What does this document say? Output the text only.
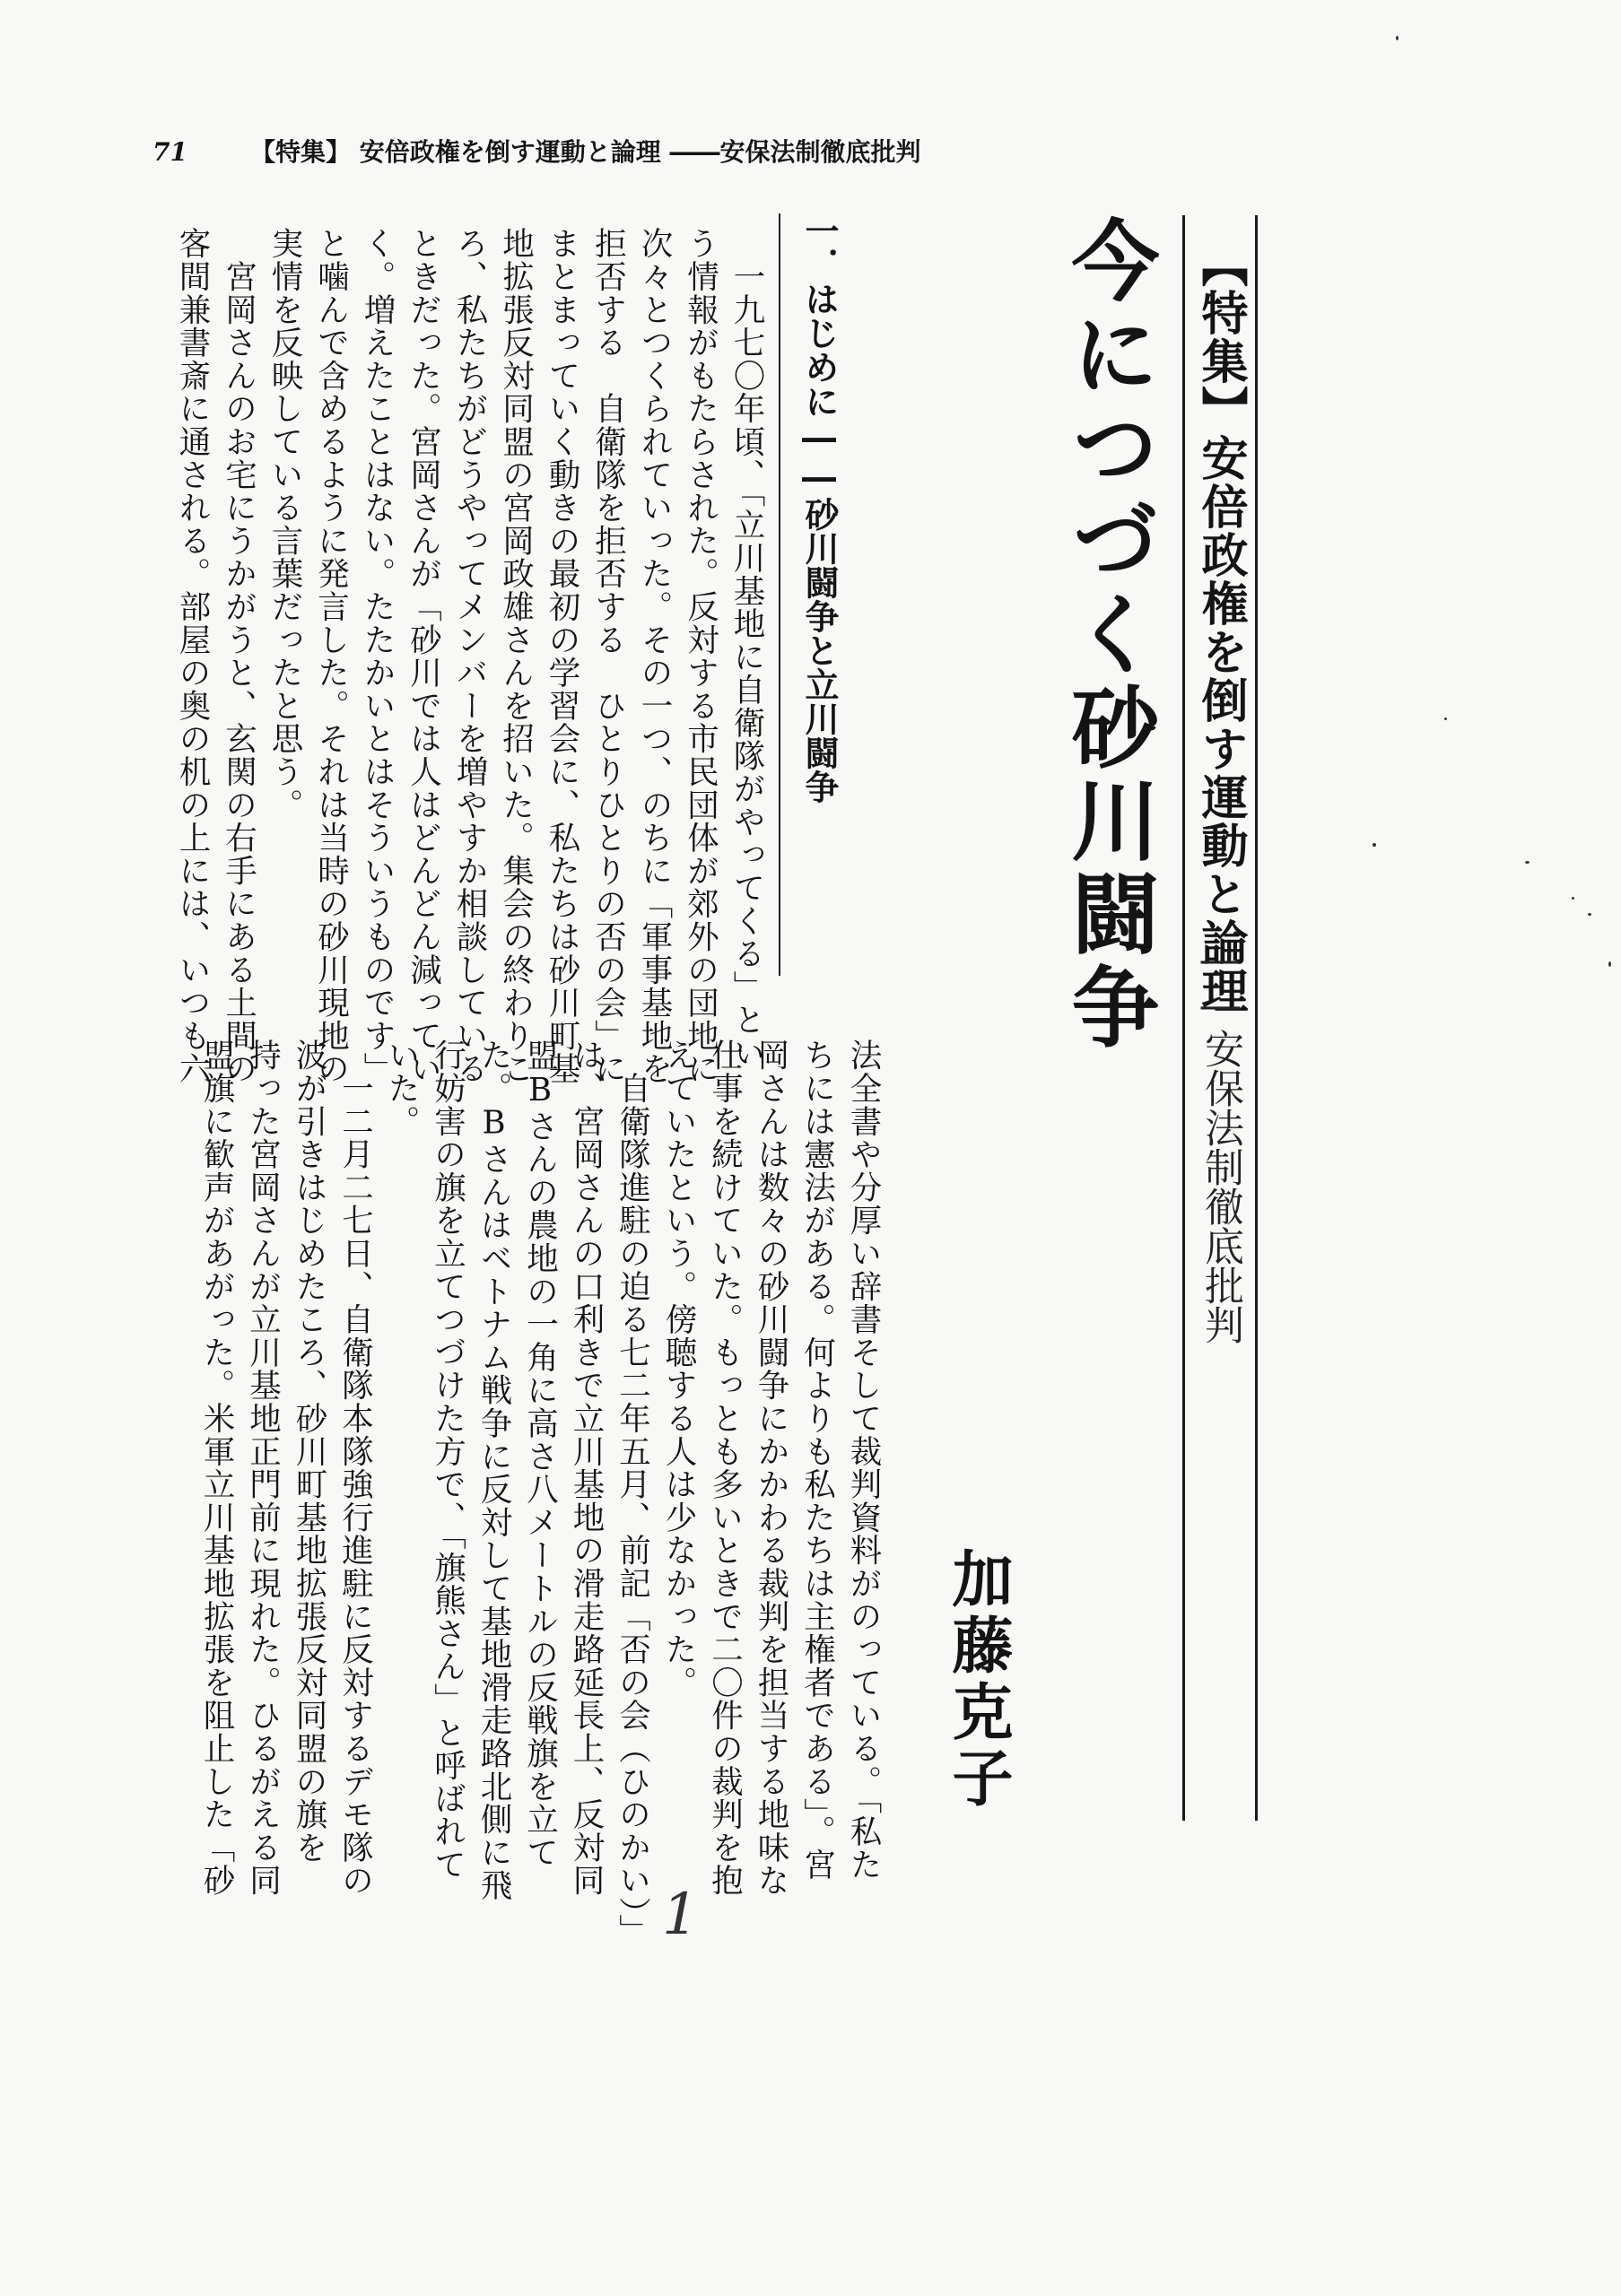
71	【特集】 安倍政権を倒す運動と論理 ――安保法制徹底批判
【特集】安倍政権を倒す運動と論理
――安保法制徹底批判
今につづく砂川闘争
加藤克子
一．はじめに――砂川闘争と立川闘争

　一九七〇年頃、「立川基地に自衛隊がやってくる」とい

う情報がもたらされた。反対する市民団体が郊外の団地に

次々とつくられていった。その一つ、のちに「軍事基地を

拒否する　自衛隊を拒否する　ひとりひとりの否の会」に

まとまっていく動きの最初の学習会に、私たちは砂川町基

地拡張反対同盟の宮岡政雄さんを招いた。集会の終わりこ

ろ、私たちがどうやってメンバーを増やすか相談している

ときだった。宮岡さんが「砂川では人はどんどん減ってい

く。増えたことはない。たたかいとはそういうものです」

と噛んで含めるように発言した。それは当時の砂川現地の

実情を反映している言葉だったと思う。

　宮岡さんのお宅にうかがうと、玄関の右手にある土間の

客間兼書斎に通される。部屋の奥の机の上には、いつも六

法全書や分厚い辞書そして裁判資料がのっている。「私た

ちには憲法がある。何よりも私たちは主権者である」。宮

岡さんは数々の砂川闘争にかかわる裁判を担当する地味な

仕事を続けていた。もっとも多いときで二〇件の裁判を抱

えていたという。傍聴する人は少なかった。

　自衛隊進駐の迫る七二年五月、前記「否の会（ひのかい）」

は、宮岡さんの口利きで立川基地の滑走路延長上、反対同

盟Bさんの農地の一角に高さ八メートルの反戦旗を立て

た。Bさんはベトナム戦争に反対して基地滑走路北側に飛

行妨害の旗を立てつづけた方で、「旗熊さん」と呼ばれて

いた。

　一二月二七日、自衛隊本隊強行進駐に反対するデモ隊の

波が引きはじめたころ、砂川町基地拡張反対同盟の旗を

持った宮岡さんが立川基地正門前に現れた。ひるがえる同

盟旗に歓声があがった。米軍立川基地拡張を阻止した「砂

1
